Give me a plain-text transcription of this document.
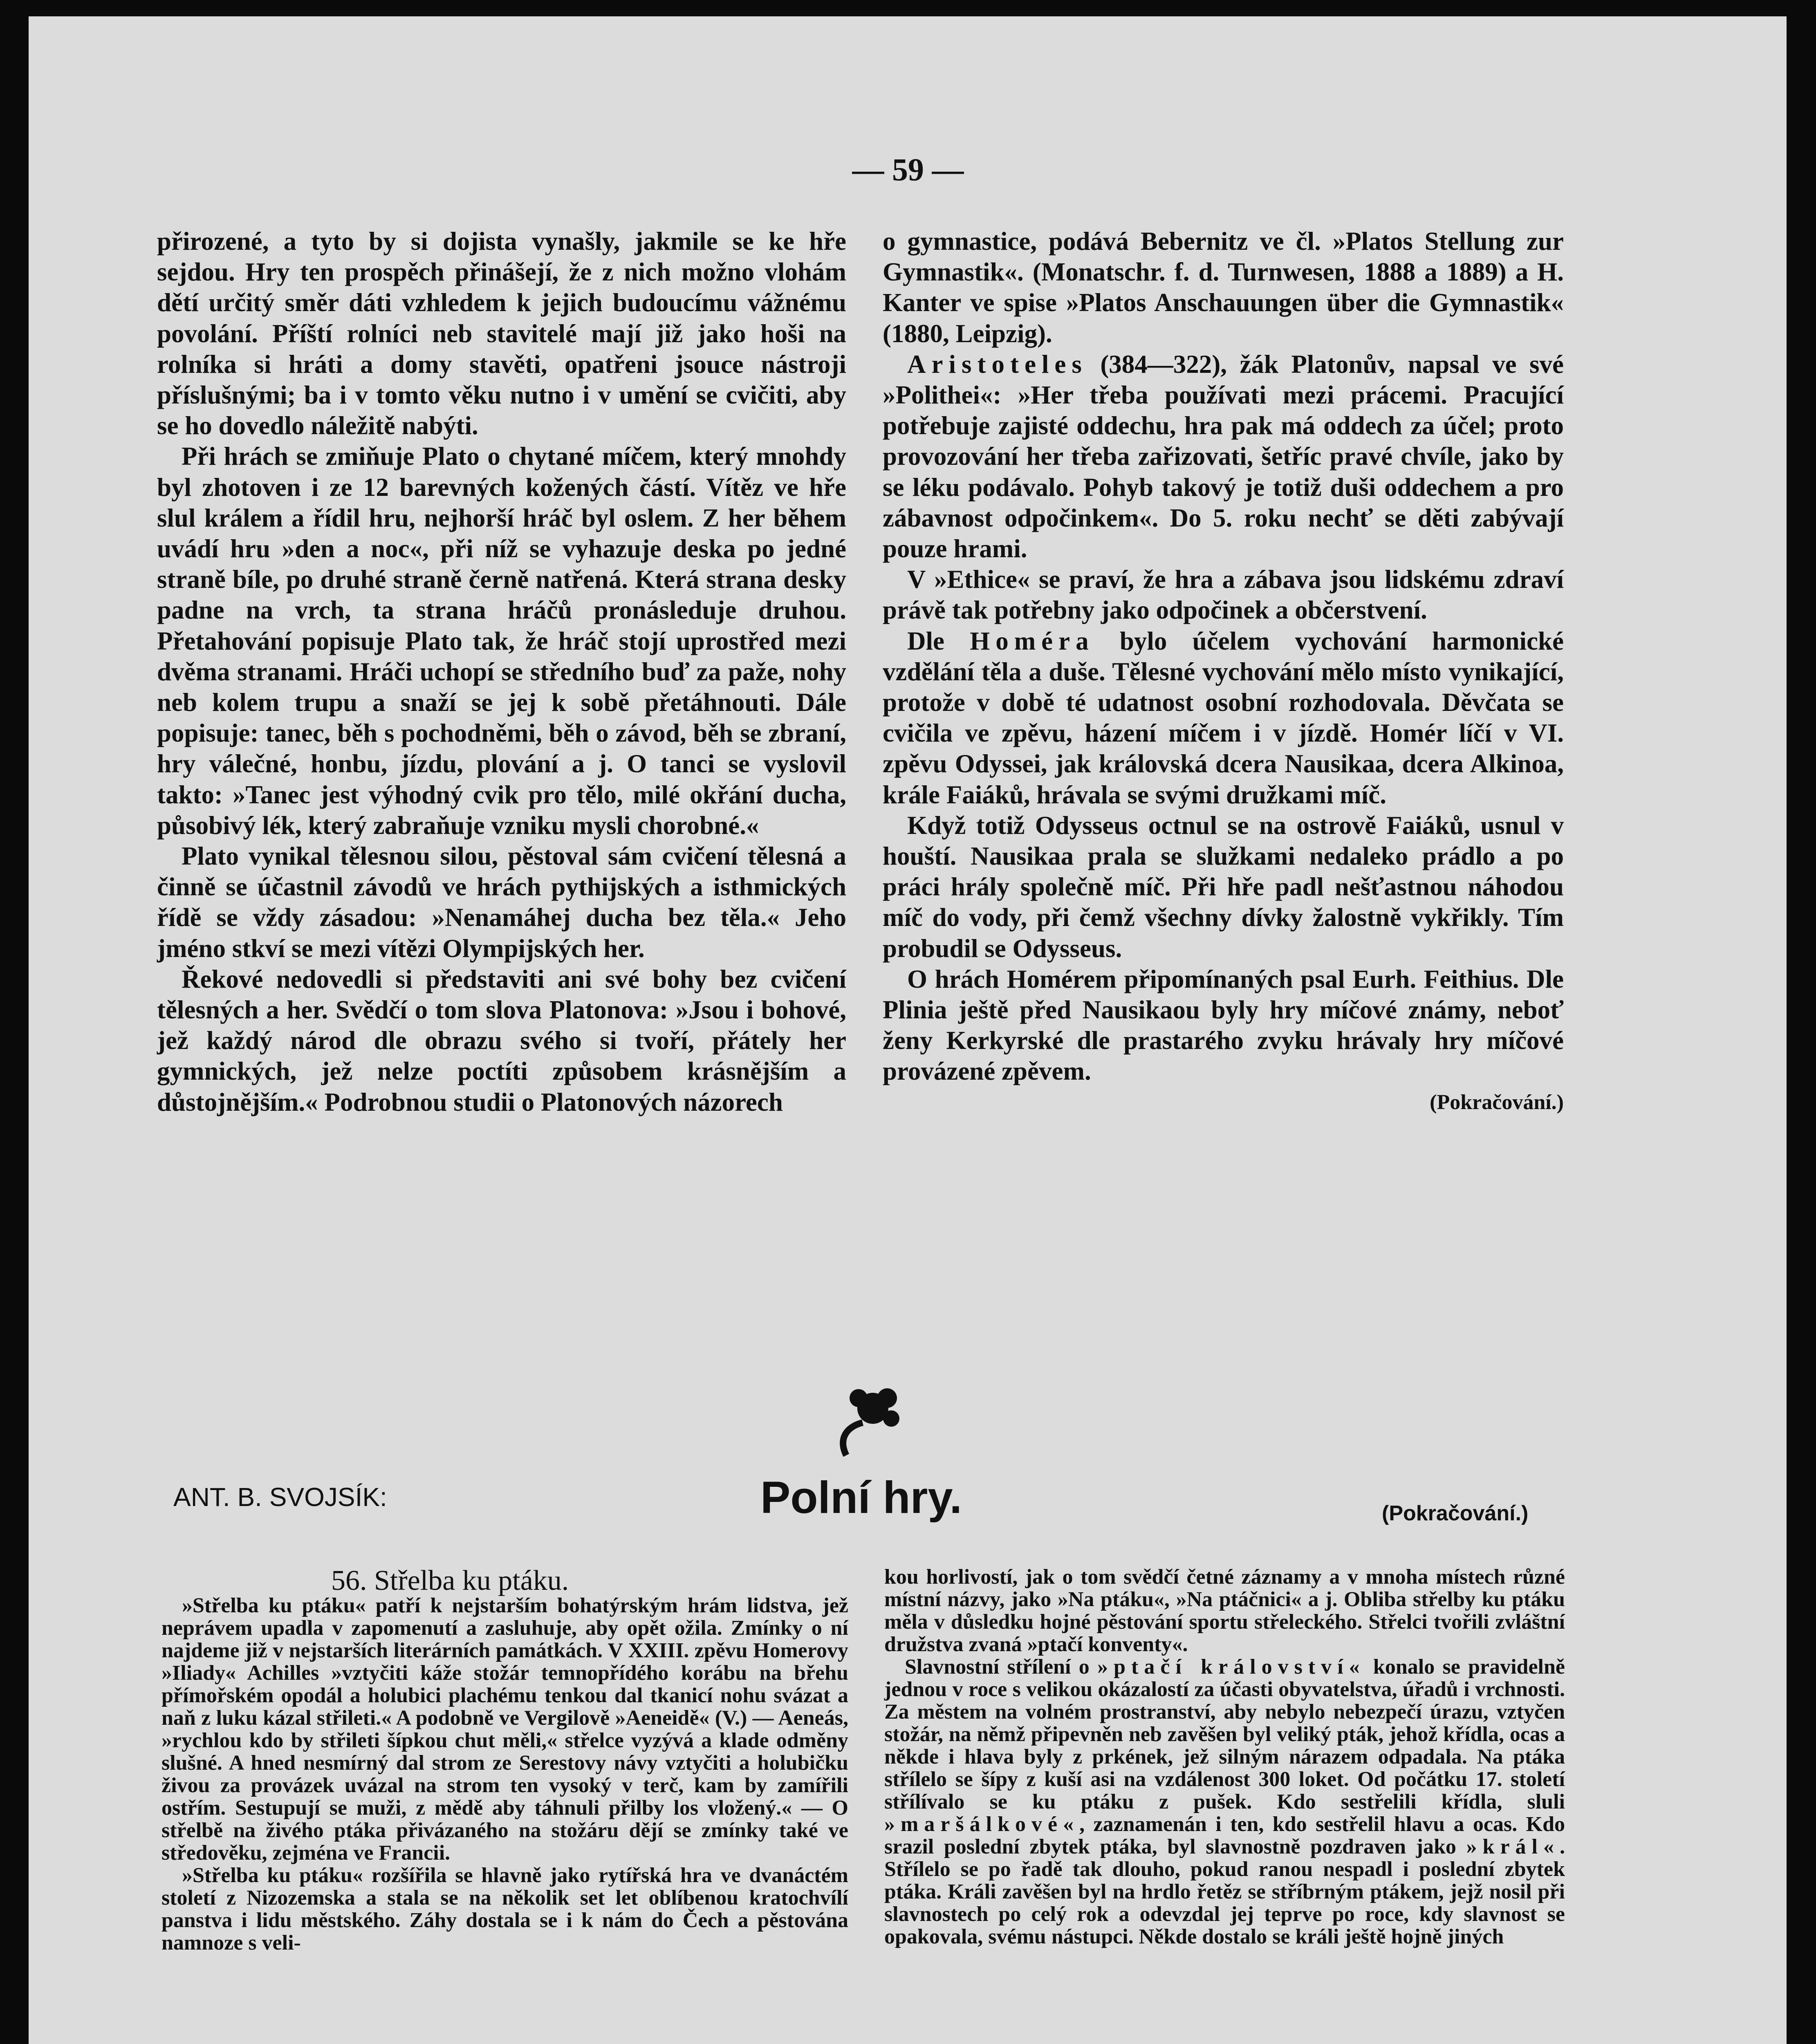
— 59 —

přirozené, a tyto by si dojista vynašly, jakmile se ke hře sejdou. Hry ten prospěch přinášejí, že z nich možno vlohám dětí určitý směr dáti vzhledem k jejich budoucímu vážnému povolání. Příští rolníci neb stavitelé mají již jako hoši na rolníka si hráti a domy stavěti, opatřeni jsouce nástroji příslušnými; ba i v tomto věku nutno i v umění se cvičiti, aby se ho dovedlo náležitě nabýti.

Při hrách se zmiňuje Plato o chytané míčem, který mnohdy byl zhotoven i ze 12 barevných kožených částí. Vítěz ve hře slul králem a řídil hru, nejhorší hráč byl oslem. Z her během uvádí hru »den a noc«, při níž se vyhazuje deska po jedné straně bíle, po druhé straně černě natřená. Která strana desky padne na vrch, ta strana hráčů pronásleduje druhou. Přetahování popisuje Plato tak, že hráč stojí uprostřed mezi dvěma stranami. Hráči uchopí se středního buď za paže, nohy neb kolem trupu a snaží se jej k sobě přetáhnouti. Dále popisuje: tanec, běh s pochodněmi, běh o závod, běh se zbraní, hry válečné, honbu, jízdu, plování a j. O tanci se vyslovil takto: »Tanec jest výhodný cvik pro tělo, milé okřání ducha, působivý lék, který zabraňuje vzniku mysli chorobné.«

Plato vynikal tělesnou silou, pěstoval sám cvičení tělesná a činně se účastnil závodů ve hrách pythijských a isthmických řídě se vždy zásadou: »Nenamáhej ducha bez těla.« Jeho jméno stkví se mezi vítězi Olympijských her.

Řekové nedovedli si představiti ani své bohy bez cvičení tělesných a her. Svědčí o tom slova Platonova: »Jsou i bohové, jež každý národ dle obrazu svého si tvoří, přátely her gymnických, jež nelze poctíti způsobem krásnějším a důstojnějším.« Podrobnou studii o Platonových názorech

o gymnastice, podává Bebernitz ve čl. »Platos Stellung zur Gymnastik«. (Monatschr. f. d. Turnwesen, 1888 a 1889) a H. Kanter ve spise »Platos Anschauungen über die Gymnastik« (1880, Leipzig).

Aristoteles (384—322), žák Platonův, napsal ve své »Polithei«: »Her třeba používati mezi prácemi. Pracující potřebuje zajisté oddechu, hra pak má oddech za účel; proto provozování her třeba zařizovati, šetříc pravé chvíle, jako by se léku podávalo. Pohyb takový je totiž duši oddechem a pro zábavnost odpočinkem«. Do 5. roku nechť se děti zabývají pouze hrami.

V »Ethice« se praví, že hra a zábava jsou lidskému zdraví právě tak potřebny jako odpočinek a občerstvení.

Dle Homéra bylo účelem vychování harmonické vzdělání těla a duše. Tělesné vychování mělo místo vynikající, protože v době té udatnost osobní rozhodovala. Děvčata se cvičila ve zpěvu, házení míčem i v jízdě. Homér líčí v VI. zpěvu Odyssei, jak královská dcera Nausikaa, dcera Alkinoa, krále Faiáků, hrávala se svými družkami míč.

Když totiž Odysseus octnul se na ostrově Faiáků, usnul v houští. Nausikaa prala se služkami nedaleko prádlo a po práci hrály společně míč. Při hře padl nešťastnou náhodou míč do vody, při čemž všechny dívky žalostně vykřikly. Tím probudil se Odysseus.

O hrách Homérem připomínaných psal Eurh. Feithius. Dle Plinia ještě před Nausikaou byly hry míčové známy, neboť ženy Kerkyrské dle prastarého zvyku hrávaly hry míčové provázené zpěvem.

(Pokračování.)
ANT. B. SVOJSÍK:	Polní hry.	(Pokračování.)
56. Střelba ku ptáku.

»Střelba ku ptáku« patří k nejstarším bohatýrským hrám lidstva, jež neprávem upadla v zapomenutí a zasluhuje, aby opět ožila. Zmínky o ní najdeme již v nejstarších literárních památkách. V XXIII. zpěvu Homerovy »Iliady« Achilles »vztyčiti káže stožár temnopřídého korábu na břehu přímořském opodál a holubici plachému tenkou dal tkanicí nohu svázat a naň z luku kázal střileti.« A podobně ve Vergilově »Aeneidě« (V.) — Aeneás, »rychlou kdo by střileti šípkou chut měli,« střelce vyzývá a klade odměny slušné. A hned nesmírný dal strom ze Serestovy návy vztyčiti a holubičku živou za provázek uvázal na strom ten vysoký v terč, kam by zamířili ostřím. Sestupují se muži, z mědě aby táhnuli přilby los vložený.« — O střelbě na živého ptáka přivázaného na stožáru dějí se zmínky také ve středověku, zejména ve Francii.

»Střelba ku ptáku« rozšířila se hlavně jako rytířská hra ve dvanáctém století z Nizozemska a stala se na několik set let oblíbenou kratochvílí panstva i lidu městského. Záhy dostala se i k nám do Čech a pěstována namnoze s veli-

kou horlivostí, jak o tom svědčí četné záznamy a v mnoha místech různé místní názvy, jako »Na ptáku«, »Na ptáčnici« a j. Obliba střelby ku ptáku měla v důsledku hojné pěstování sportu střeleckého. Střelci tvořili zvláštní družstva zvaná »ptačí konventy«.

Slavnostní střílení o »ptačí království« konalo se pravidelně jednou v roce s velikou okázalostí za účasti obyvatelstva, úřadů i vrchnosti. Za městem na volném prostranství, aby nebylo nebezpečí úrazu, vztyčen stožár, na němž připevněn neb zavěšen byl veliký pták, jehož křídla, ocas a někde i hlava byly z prkének, jež silným nárazem odpadala. Na ptáka střílelo se šípy z kuší asi na vzdálenost 300 loket. Od počátku 17. století střílívalo se ku ptáku z pušek. Kdo sestřelili křídla, sluli »maršálkové«, zaznamenán i ten, kdo sestřelil hlavu a ocas. Kdo srazil poslední zbytek ptáka, byl slavnostně pozdraven jako »král«. Střílelo se po řadě tak dlouho, pokud ranou nespadl i poslední zbytek ptáka. Králi zavěšen byl na hrdlo řetěz se stříbrným ptákem, jejž nosil při slavnostech po celý rok a odevzdal jej teprve po roce, kdy slavnost se opakovala, svému nástupci. Někde dostalo se králi ještě hojně jiných
